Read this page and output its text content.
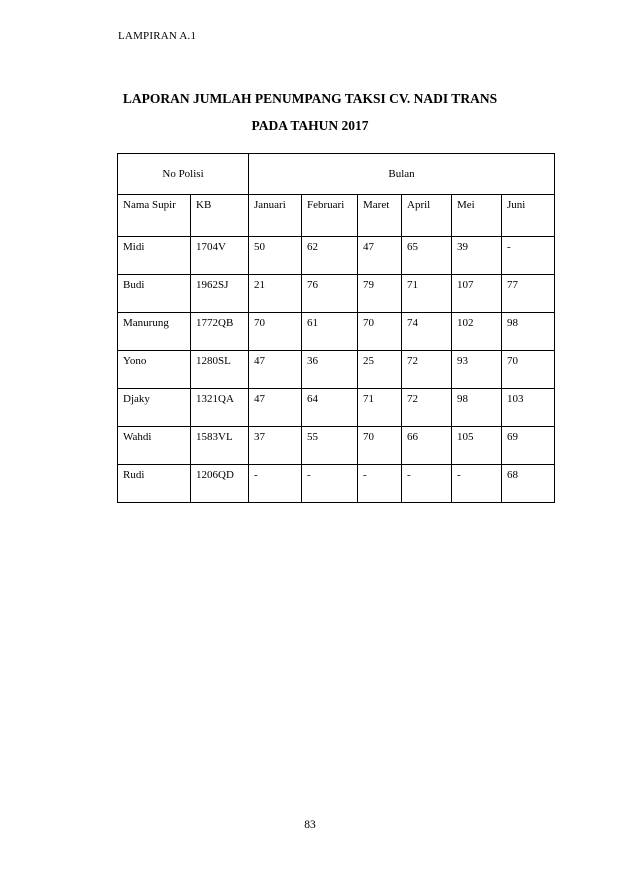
LAMPIRAN A.1
LAPORAN JUMLAH PENUMPANG TAKSI CV. NADI TRANS
PADA TAHUN 2017
No Polisi		Bulan					
Nama Supir	KB	Januari	Februari	Maret	April	Mei	Juni
Midi	1704V	50	62	47	65	39	-
Budi	1962SJ	21	76	79	71	107	77
Manurung	1772QB	70	61	70	74	102	98
Yono	1280SL	47	36	25	72	93	70
Djaky	1321QA	47	64	71	72	98	103
Wahdi	1583VL	37	55	70	66	105	69
Rudi	1206QD	-	-	-	-	-	68
83
